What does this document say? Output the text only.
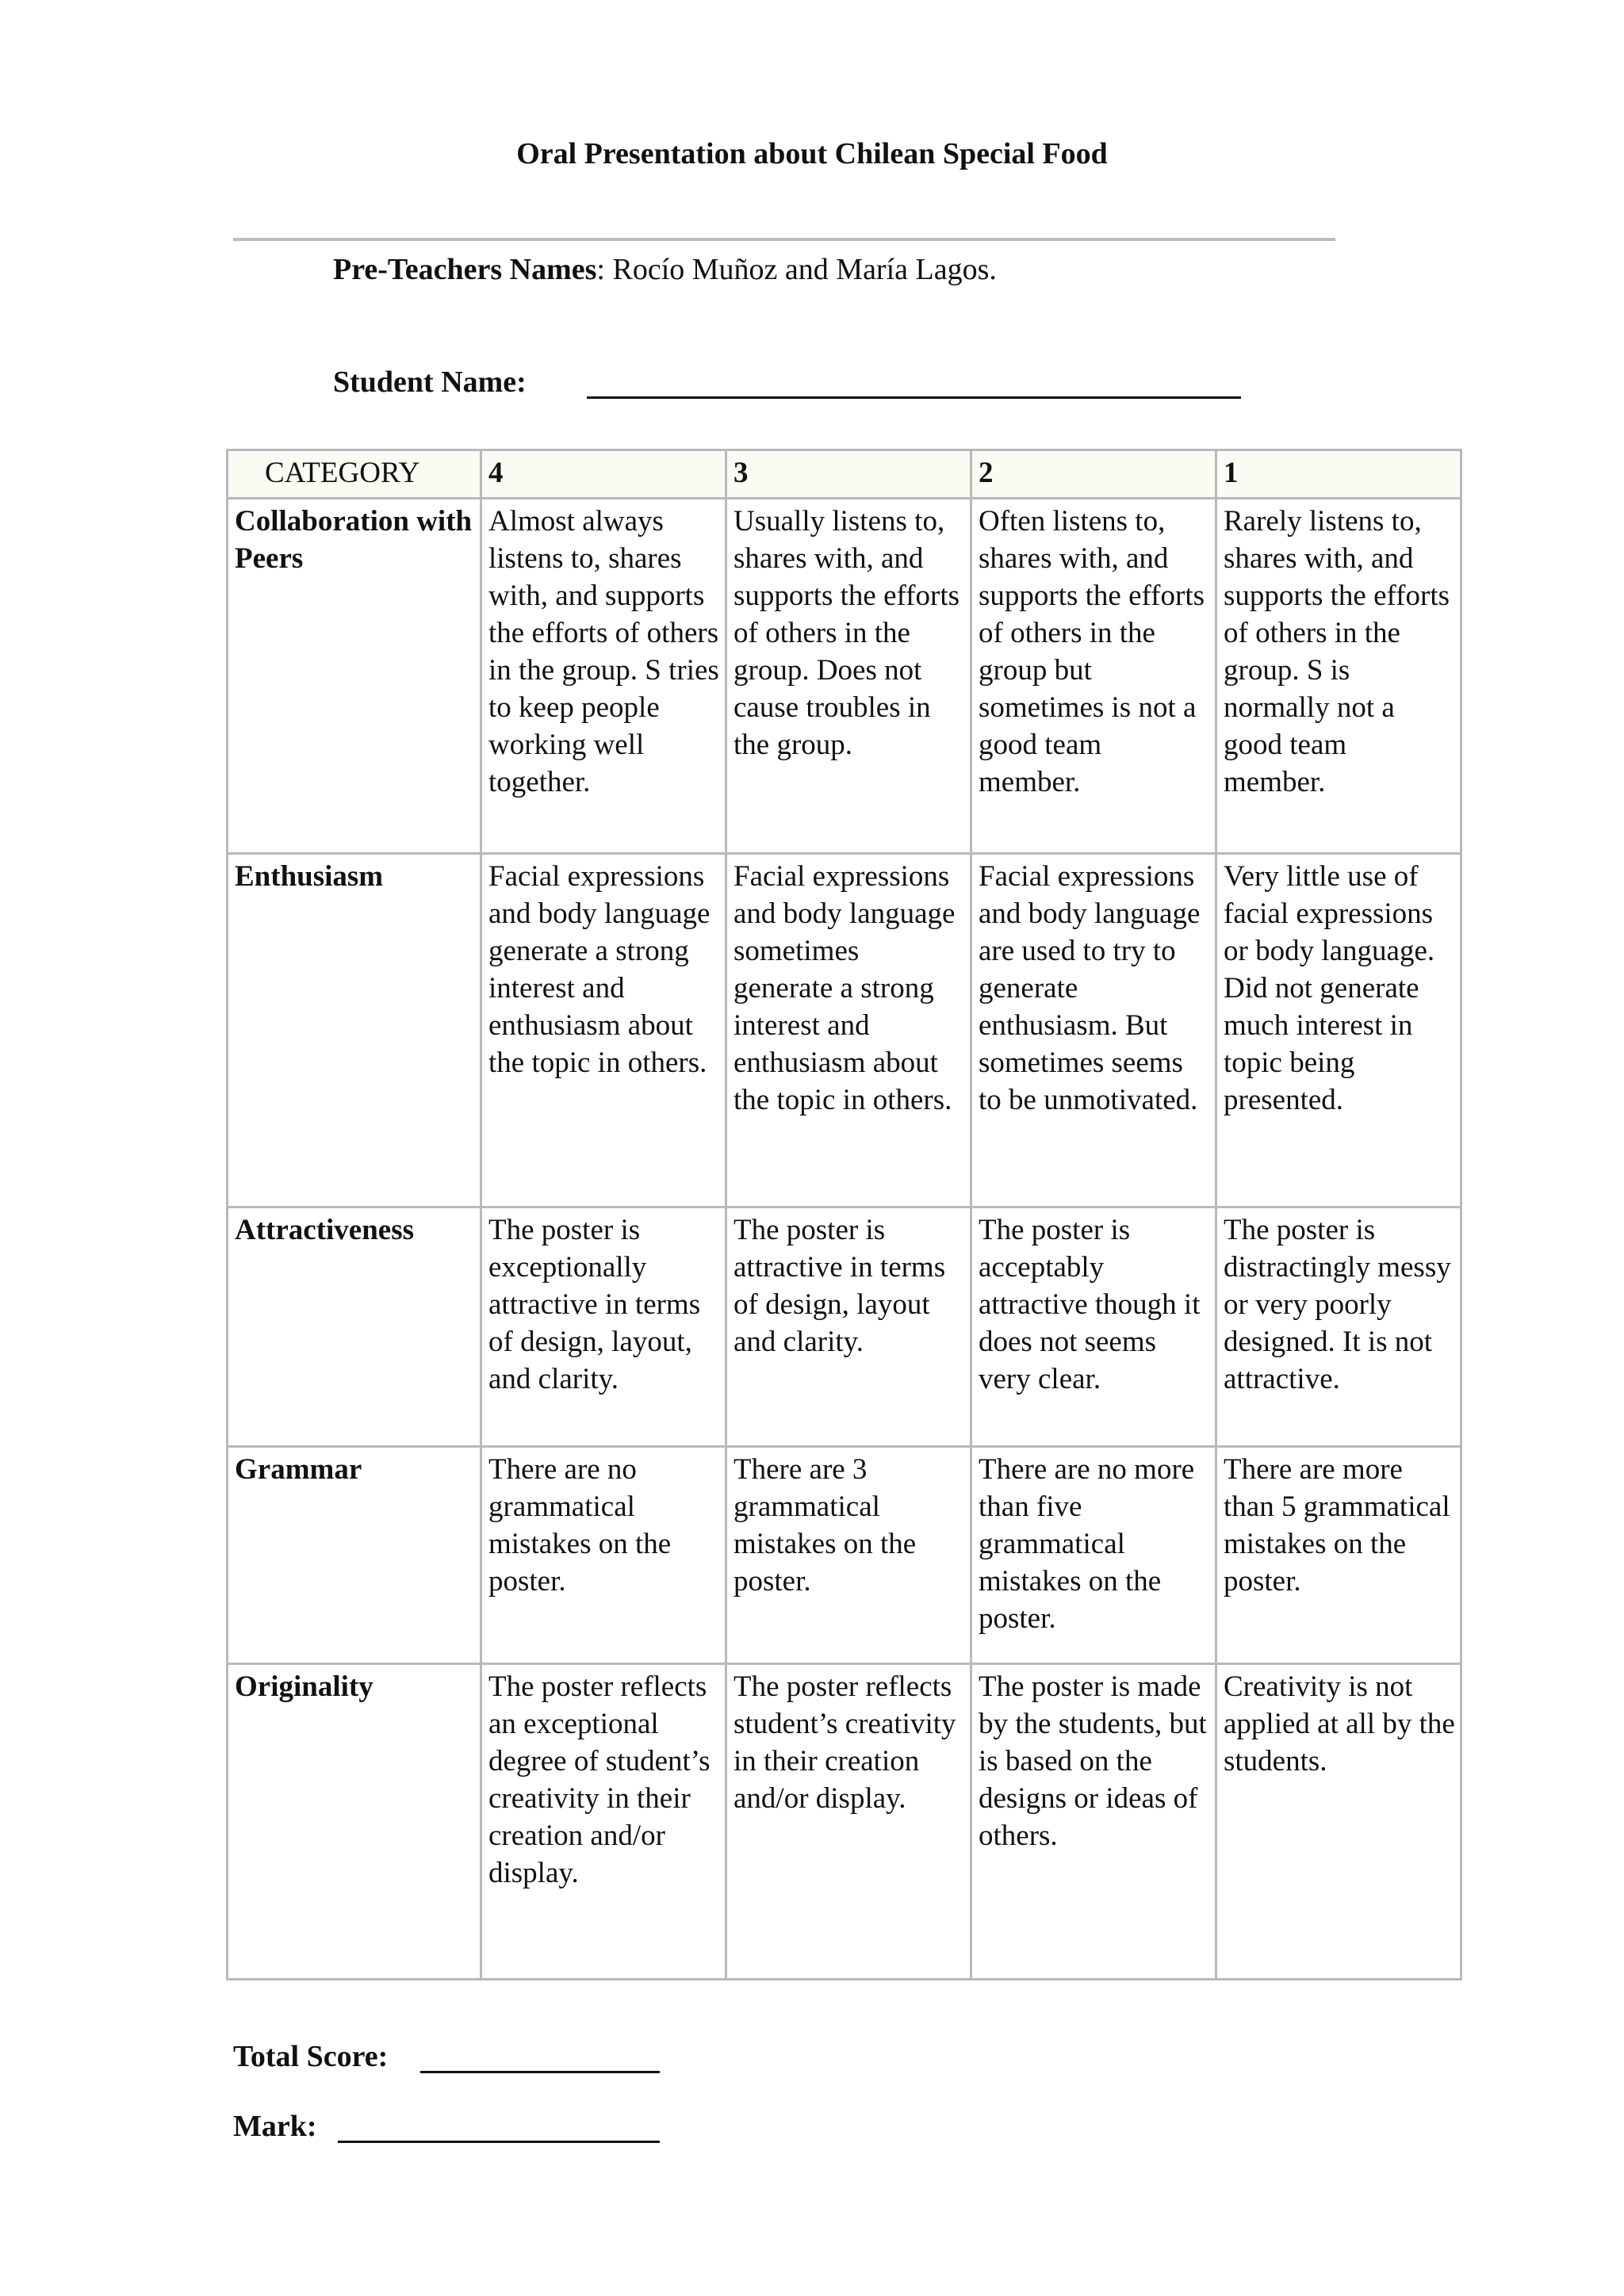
Oral Presentation about Chilean Special Food
Pre-Teachers Names: Rocío Muñoz and María Lagos.
Student Name:
CATEGORY	4	3	2	1
Collaboration with Peers	Almost always listens to, shares with, and supports the efforts of others in the group. S tries to keep people working well together.	Usually listens to, shares with, and supports the efforts of others in the group. Does not cause troubles in the group.	Often listens to, shares with, and supports the efforts of others in the group but sometimes is not a good team member.	Rarely listens to, shares with, and supports the efforts of others in the group. S is normally not a good team member.
Enthusiasm	Facial expressions and body language generate a strong interest and enthusiasm about the topic in others.	Facial expressions and body language sometimes generate a strong interest and enthusiasm about the topic in others.	Facial expressions and body language are used to try to generate enthusiasm. But sometimes seems to be unmotivated.	Very little use of facial expressions or body language. Did not generate much interest in topic being presented.
Attractiveness	The poster is exceptionally attractive in terms of design, layout, and clarity.	The poster is attractive in terms of design, layout and clarity.	The poster is acceptably attractive though it does not seems very clear.	The poster is distractingly messy or very poorly designed. It is not attractive.
Grammar	There are no grammatical mistakes on the poster.	There are 3 grammatical mistakes on the poster.	There are no more than five grammatical mistakes on the poster.	There are more than 5 grammatical mistakes on the poster.
Originality	The poster reflects an exceptional degree of student’s creativity in their creation and/or display.	The poster reflects student’s creativity in their creation and/or display.	The poster is made by the students, but is based on the designs or ideas of others.	Creativity is not applied at all by the students.
Total Score:
Mark:
